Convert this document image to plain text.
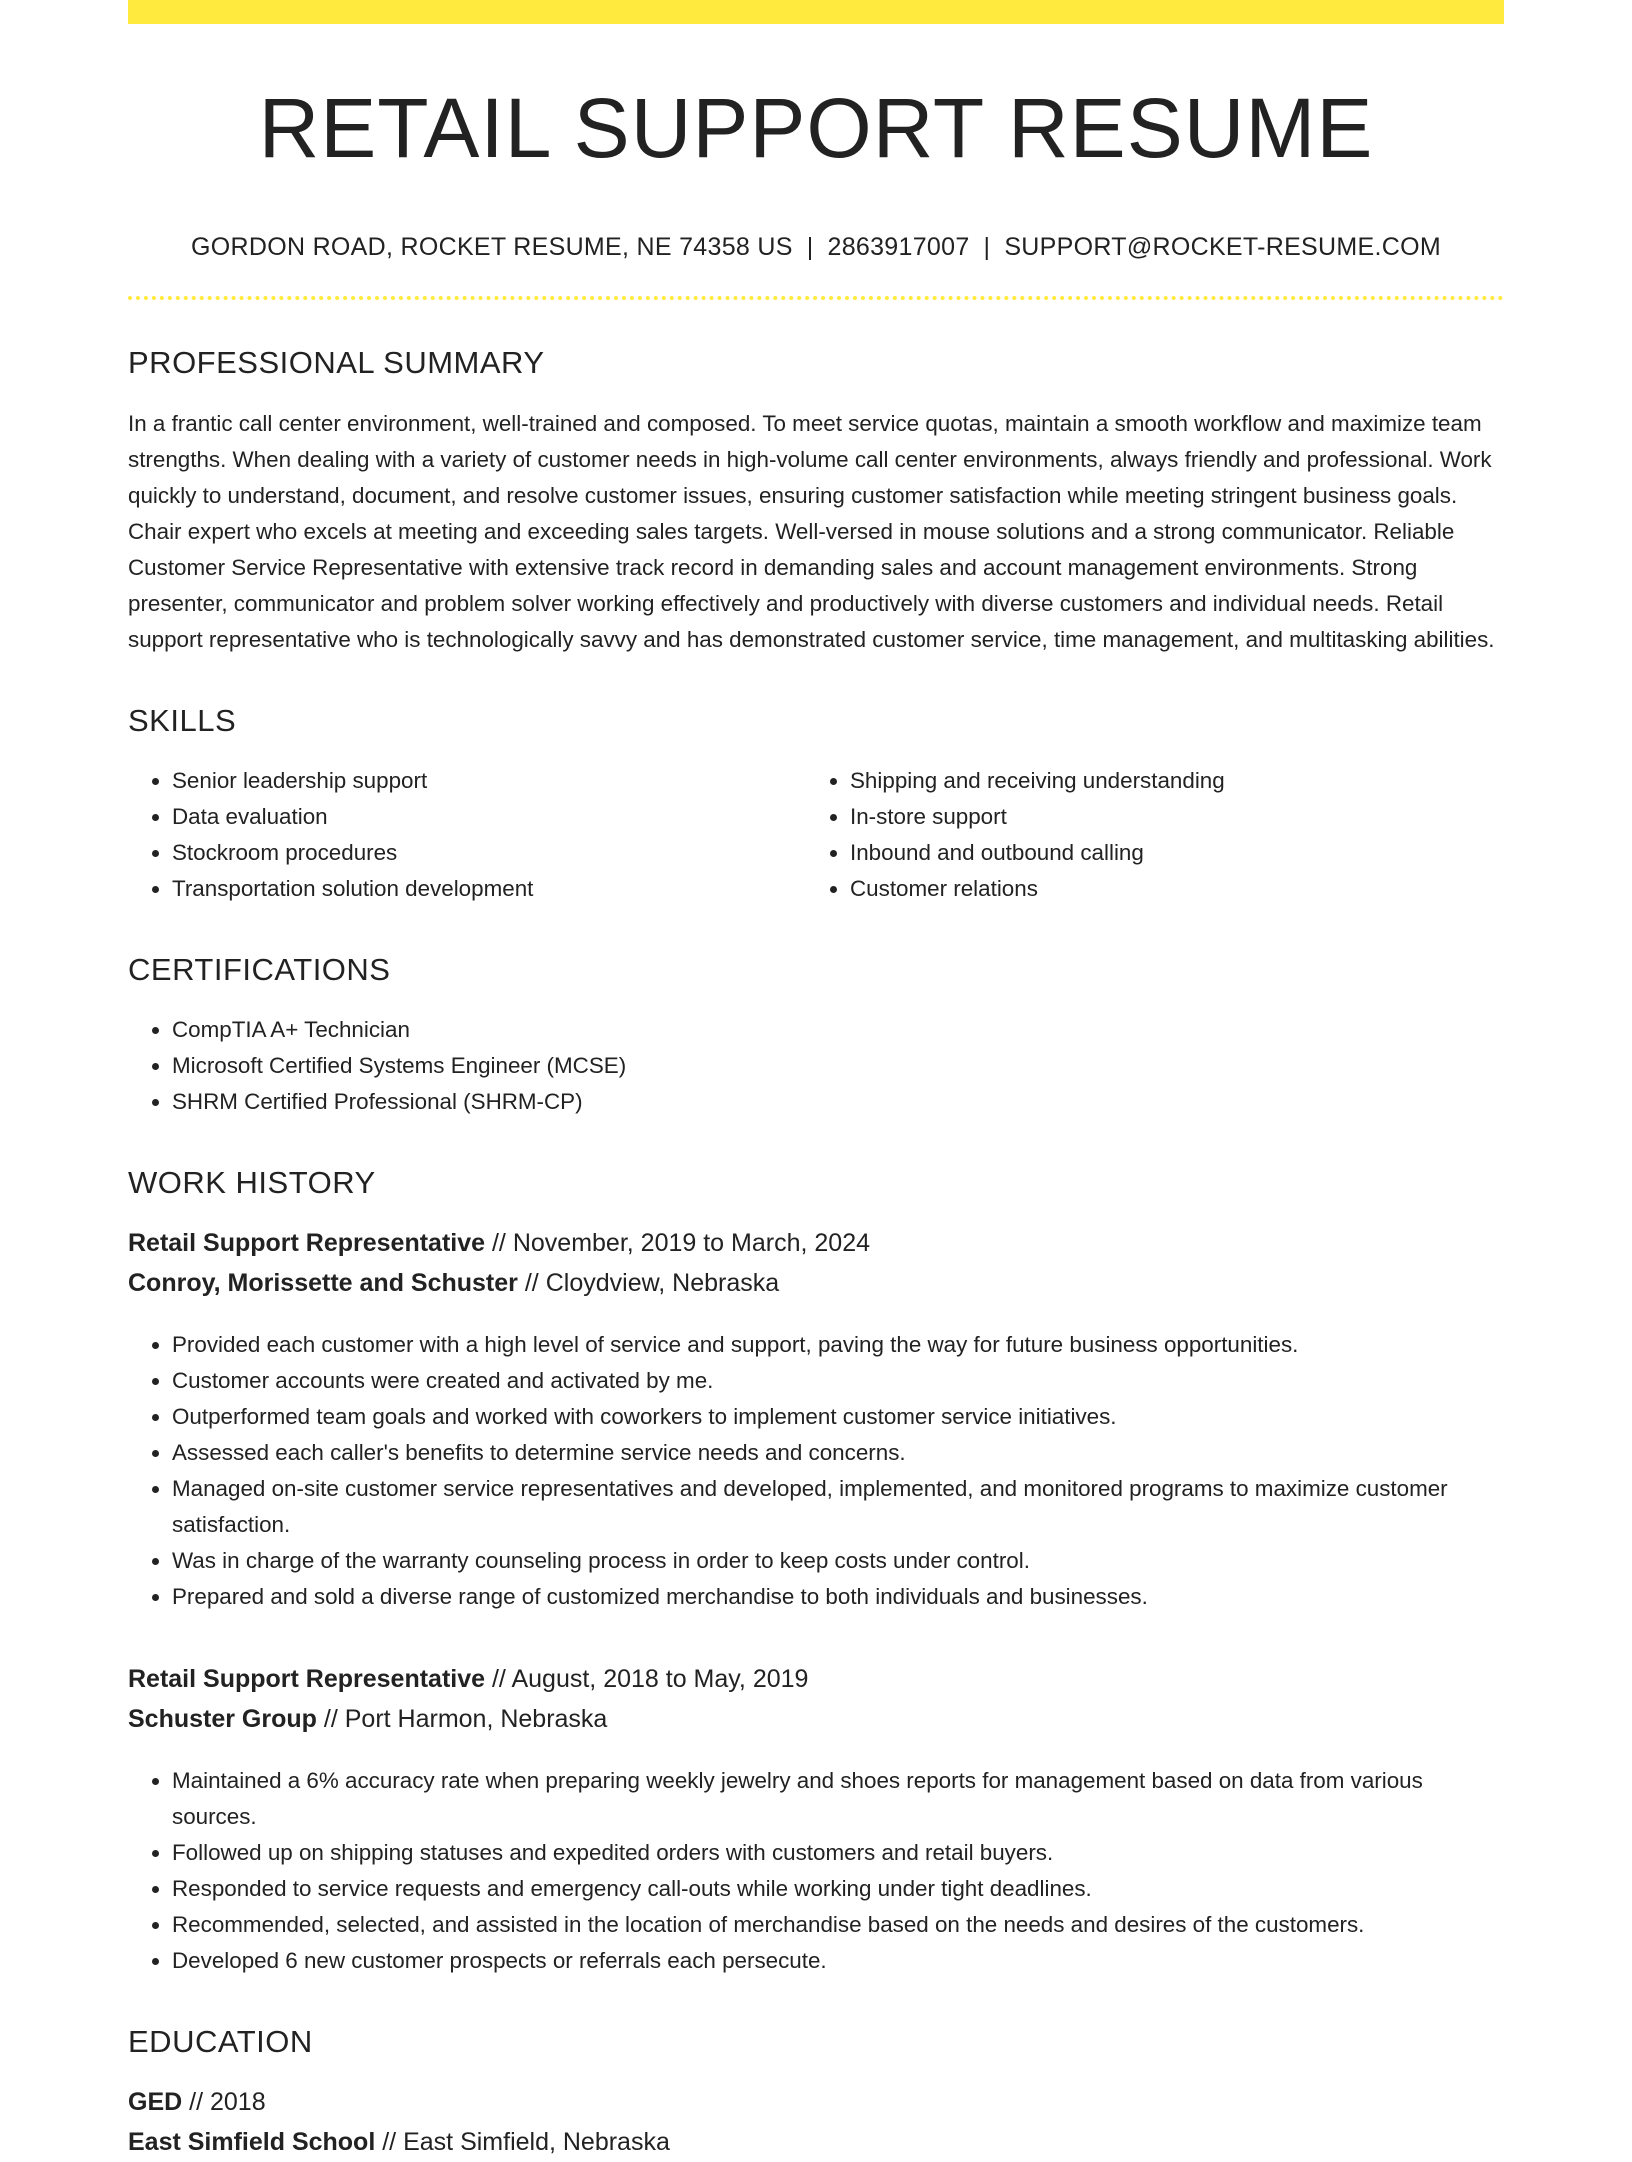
RETAIL SUPPORT RESUME
GORDON ROAD, ROCKET RESUME, NE 74358 US | 2863917007 | SUPPORT@ROCKET-RESUME.COM
PROFESSIONAL SUMMARY

In a frantic call center environment, well-trained and composed. To meet service quotas, maintain a smooth workflow and maximize team strengths. When dealing with a variety of customer needs in high-volume call center environments, always friendly and professional. Work quickly to understand, document, and resolve customer issues, ensuring customer satisfaction while meeting stringent business goals. Chair expert who excels at meeting and exceeding sales targets. Well-versed in mouse solutions and a strong communicator. Reliable Customer Service Representative with extensive track record in demanding sales and account management environments. Strong presenter, communicator and problem solver working effectively and productively with diverse customers and individual needs. Retail support representative who is technologically savvy and has demonstrated customer service, time management, and multitasking abilities.

SKILLS
• Senior leadership support
• Data evaluation
• Stockroom procedures
• Transportation solution development
• Shipping and receiving understanding
• In-store support
• Inbound and outbound calling
• Customer relations
CERTIFICATIONS
• CompTIA A+ Technician
• Microsoft Certified Systems Engineer (MCSE)
• SHRM Certified Professional (SHRM-CP)
WORK HISTORY
Retail Support Representative // November, 2019 to March, 2024
Conroy, Morissette and Schuster // Cloydview, Nebraska
• Provided each customer with a high level of service and support, paving the way for future business opportunities.
• Customer accounts were created and activated by me.
• Outperformed team goals and worked with coworkers to implement customer service initiatives.
• Assessed each caller's benefits to determine service needs and concerns.
• Managed on-site customer service representatives and developed, implemented, and monitored programs to maximize customer satisfaction.
• Was in charge of the warranty counseling process in order to keep costs under control.
• Prepared and sold a diverse range of customized merchandise to both individuals and businesses.
Retail Support Representative // August, 2018 to May, 2019
Schuster Group // Port Harmon, Nebraska
• Maintained a 6% accuracy rate when preparing weekly jewelry and shoes reports for management based on data from various sources.
• Followed up on shipping statuses and expedited orders with customers and retail buyers.
• Responded to service requests and emergency call-outs while working under tight deadlines.
• Recommended, selected, and assisted in the location of merchandise based on the needs and desires of the customers.
• Developed 6 new customer prospects or referrals each persecute.
EDUCATION
GED // 2018
East Simfield School // East Simfield, Nebraska
